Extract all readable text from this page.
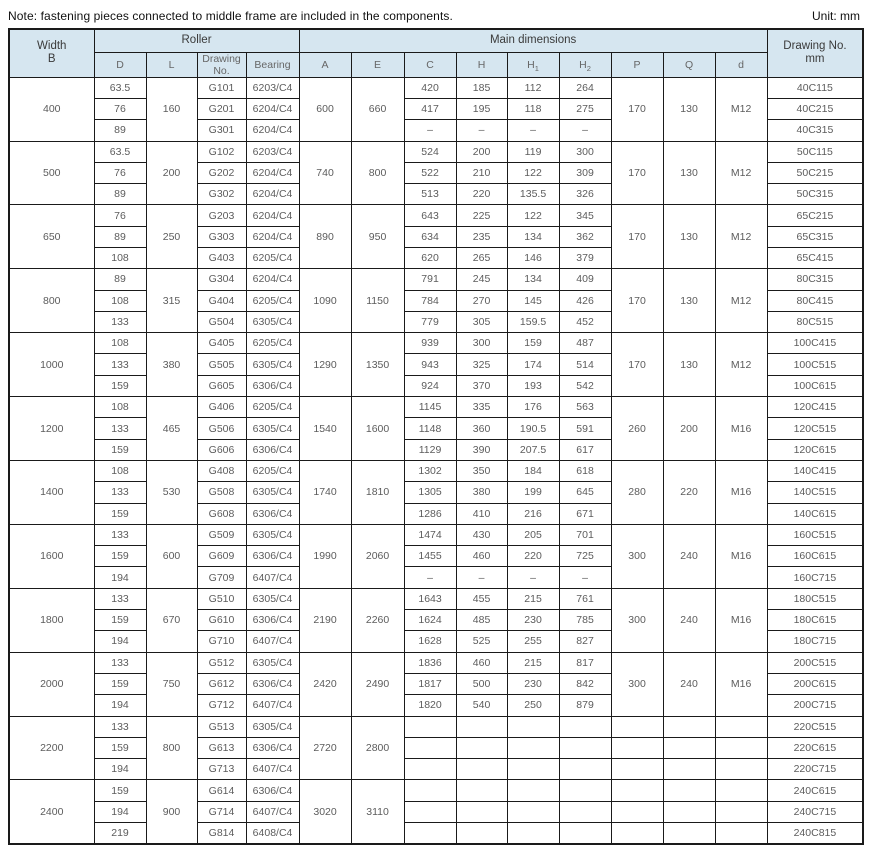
Note: fastening pieces connected to middle frame are included in the components.	Unit: mm
Width
B
	Roller	Main dimensions	Drawing No.
mm

	D	L	Drawing No.	Bearing	A	E	C	H	$H_1$	$H_2$	P	Q	d	
400	63.5	160	G101	6203/C4	600	660	420	185	112	264	170	130	M12	40C115
	76		G201	6204/C4			417	195	118	275				40C215
	89		G301	6204/C4			–	–	–	–				40C315
500	63.5	200	G102	6203/C4	740	800	524	200	119	300	170	130	M12	50C115
	76		G202	6204/C4			522	210	122	309				50C215
	89		G302	6204/C4			513	220	135.5	326				50C315
650	76	250	G203	6204/C4	890	950	643	225	122	345	170	130	M12	65C215
	89		G303	6204/C4			634	235	134	362				65C315
	108		G403	6205/C4			620	265	146	379				65C415
800	89	315	G304	6204/C4	1090	1150	791	245	134	409	170	130	M12	80C315
	108		G404	6205/C4			784	270	145	426				80C415
	133		G504	6305/C4			779	305	159.5	452				80C515
1000	108	380	G405	6205/C4	1290	1350	939	300	159	487	170	130	M12	100C415
	133		G505	6305/C4			943	325	174	514				100C515
	159		G605	6306/C4			924	370	193	542				100C615
1200	108	465	G406	6205/C4	1540	1600	1145	335	176	563	260	200	M16	120C415
	133		G506	6305/C4			1148	360	190.5	591				120C515
	159		G606	6306/C4			1129	390	207.5	617				120C615
1400	108	530	G408	6205/C4	1740	1810	1302	350	184	618	280	220	M16	140C415
	133		G508	6305/C4			1305	380	199	645				140C515
	159		G608	6306/C4			1286	410	216	671				140C615
1600	133	600	G509	6305/C4	1990	2060	1474	430	205	701	300	240	M16	160C515
	159		G609	6306/C4			1455	460	220	725				160C615
	194		G709	6407/C4			–	–	–	–				160C715
1800	133	670	G510	6305/C4	2190	2260	1643	455	215	761	300	240	M16	180C515
	159		G610	6306/C4			1624	485	230	785				180C615
	194		G710	6407/C4			1628	525	255	827				180C715
2000	133	750	G512	6305/C4	2420	2490	1836	460	215	817	300	240	M16	200C515
	159		G612	6306/C4			1817	500	230	842				200C615
	194		G712	6407/C4			1820	540	250	879				200C715
2200	133	800	G513	6305/C4	2720	2800								220C515
	159		G613	6306/C4										220C615
	194		G713	6407/C4										220C715
2400	159	900	G614	6306/C4	3020	3110								240C615
	194		G714	6407/C4										240C715
	219		G814	6408/C4										240C815
